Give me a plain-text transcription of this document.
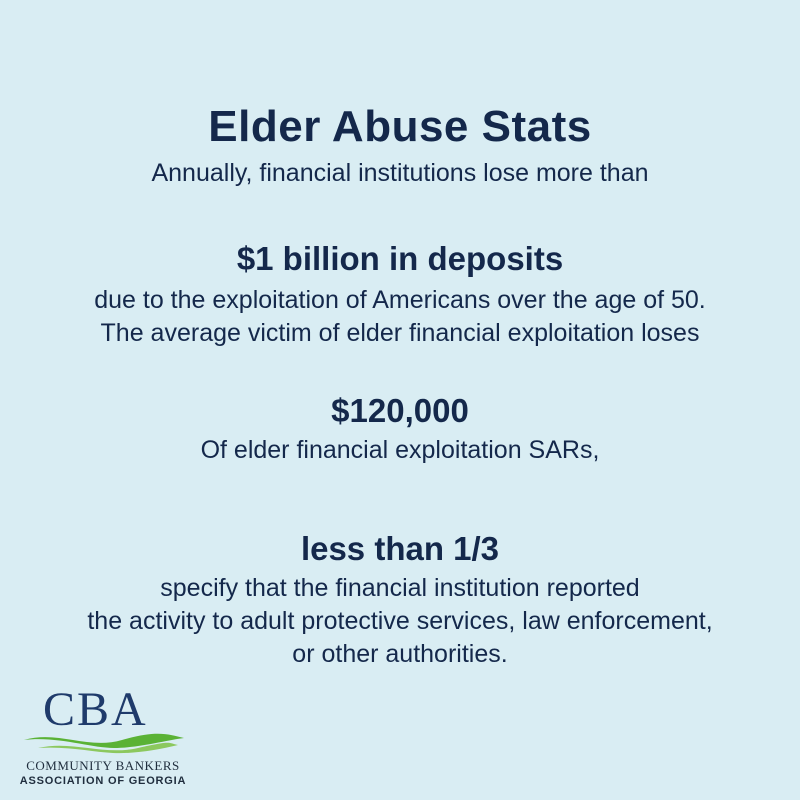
Elder Abuse Stats
Annually, financial institutions lose more than
$1 billion in deposits
due to the exploitation of Americans over the age of 50.
The average victim of elder financial exploitation loses
$120,000
Of elder financial exploitation SARs,
less than 1/3
specify that the financial institution reported
the activity to adult protective services, law enforcement,
or other authorities.
CBA
COMMUNITY BANKERS
ASSOCIATION OF GEORGIA
